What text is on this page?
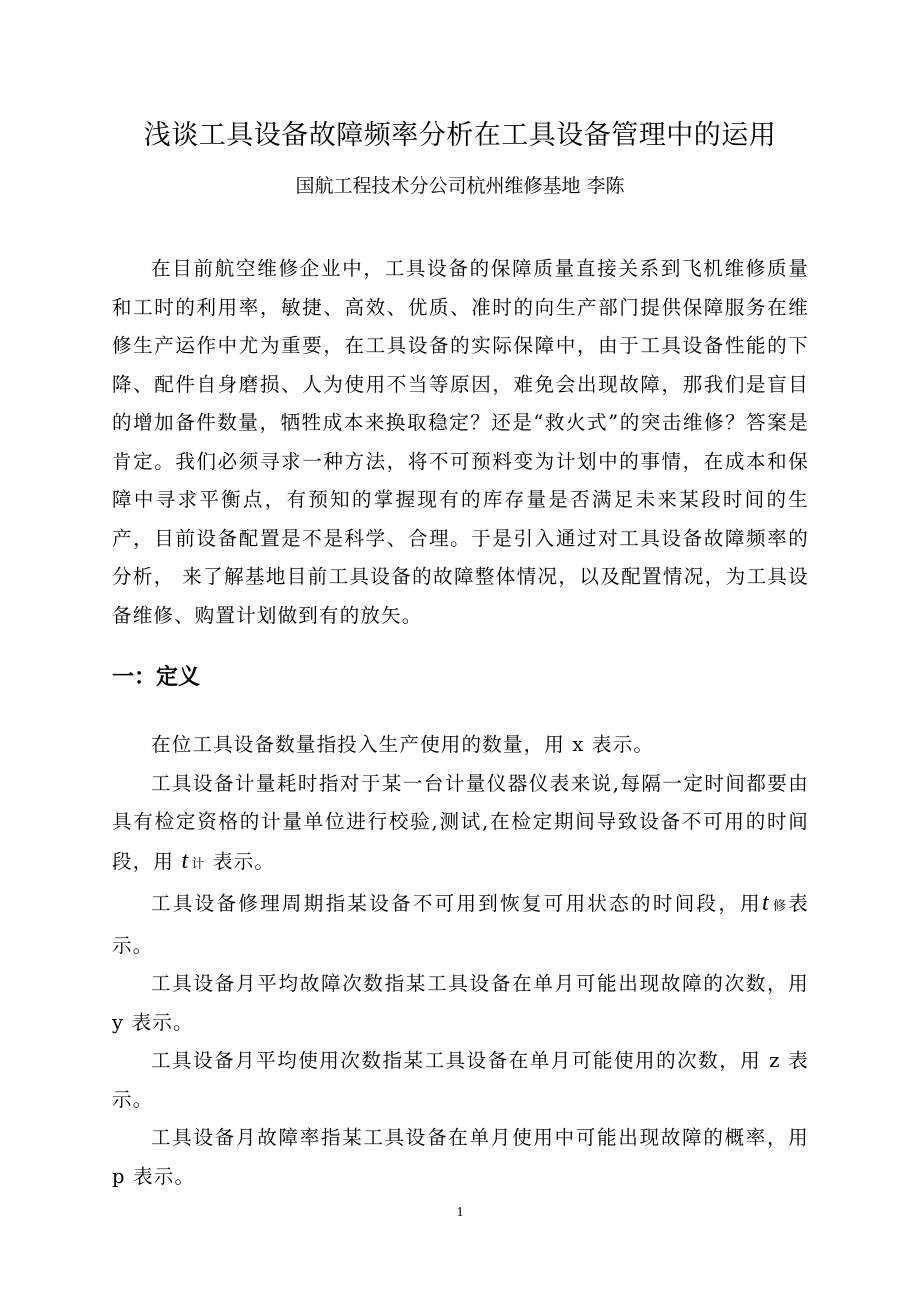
浅谈工具设备故障频率分析在工具设备管理中的运用
国航工程技术分公司杭州维修基地 李陈

在目前航空维修企业中，工具设备的保障质量直接关系到飞机维修质量和工时的利用率，敏捷、高效、优质、准时的向生产部门提供保障服务在维修生产运作中尤为重要，在工具设备的实际保障中，由于工具设备性能的下降、配件自身磨损、人为使用不当等原因，难免会出现故障，那我们是盲目的增加备件数量，牺牲成本来换取稳定？还是“救火式”的突击维修？答案是肯定。我们必须寻求一种方法，将不可预料变为计划中的事情，在成本和保障中寻求平衡点，有预知的掌握现有的库存量是否满足未来某段时间的生产，目前设备配置是不是科学、合理。于是引入通过对工具设备故障频率的分析， 来了解基地目前工具设备的故障整体情况，以及配置情况，为工具设备维修、购置计划做到有的放矢。

一：定义

在位工具设备数量指投入生产使用的数量，用 x 表示。

工具设备计量耗时指对于某一台计量仪器仪表来说,每隔一定时间都要由具有检定资格的计量单位进行校验,测试,在检定期间导致设备不可用的时间段，用 t 计 表示。

工具设备修理周期指某设备不可用到恢复可用状态的时间段，用t 修表示。

工具设备月平均故障次数指某工具设备在单月可能出现故障的次数，用 y 表示。

工具设备月平均使用次数指某工具设备在单月可能使用的次数，用 z 表示。

工具设备月故障率指某工具设备在单月使用中可能出现故障的概率，用 p 表示。

1
